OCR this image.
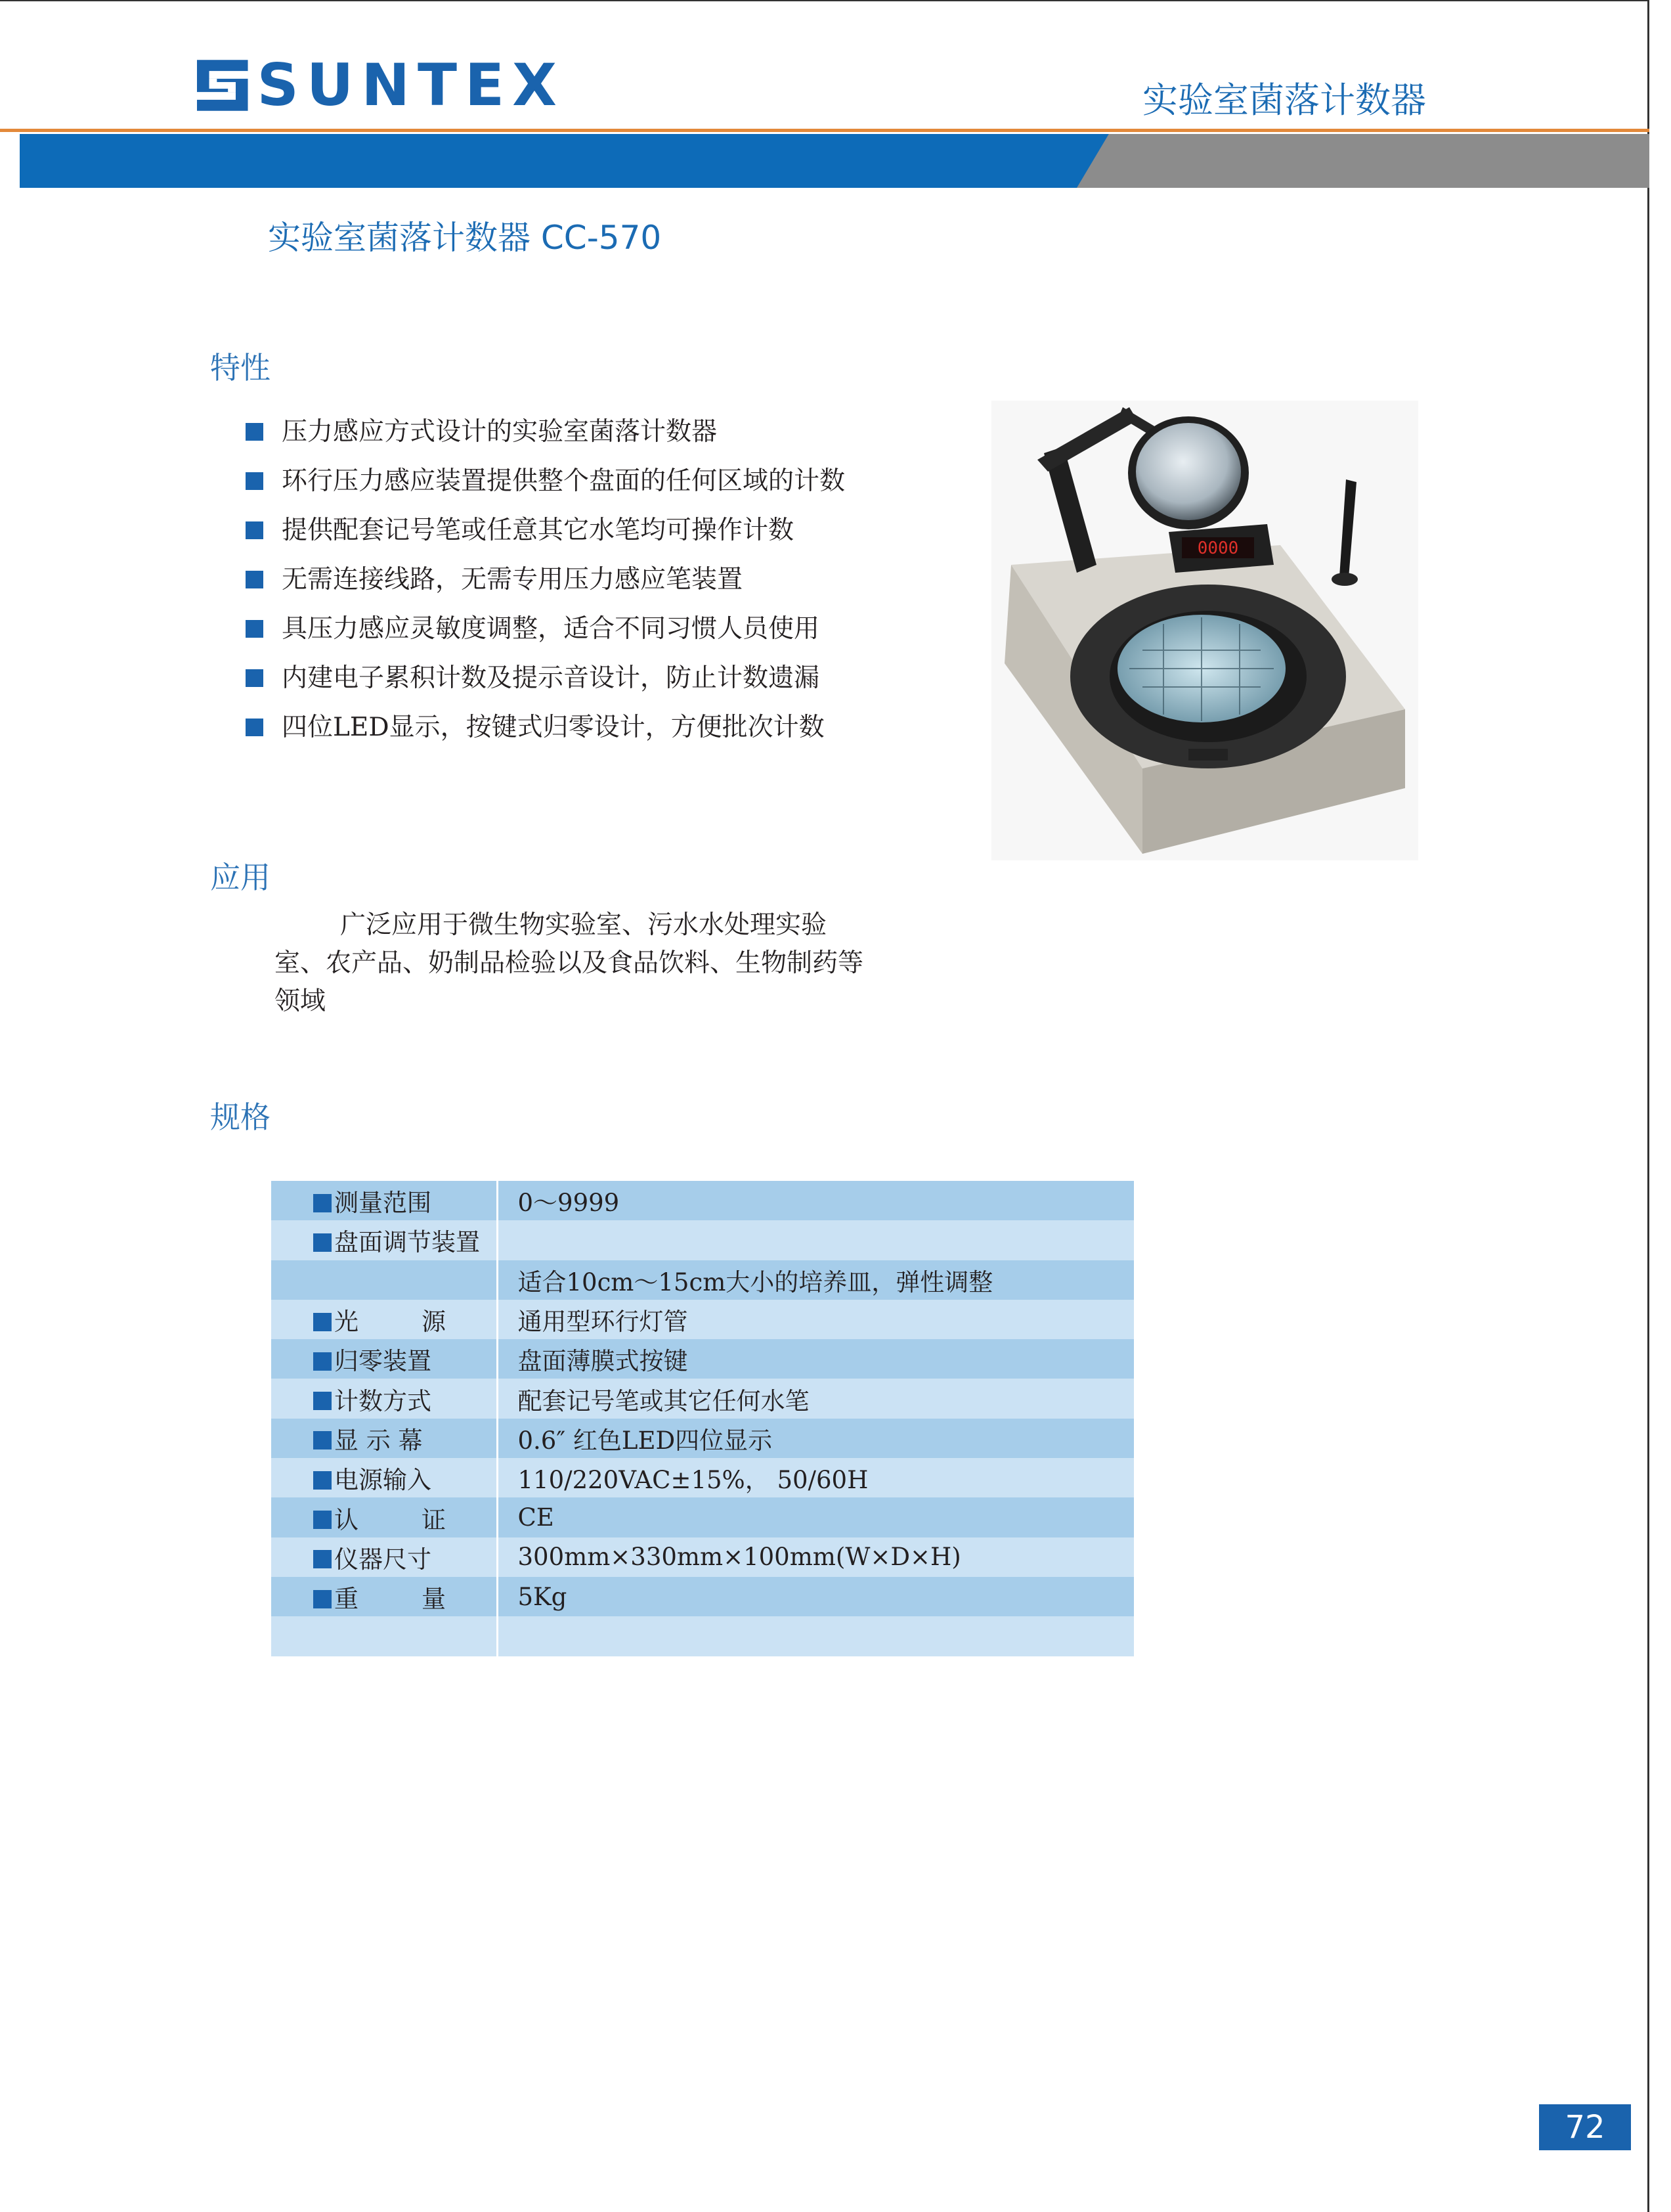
SUNTEX	实验室菌落计数器
实验室菌落计数器 CC-570
特性
压力感应方式设计的实验室菌落计数器
环行压力感应装置提供整个盘面的任何区域的计数
提供配套记号笔或任意其它水笔均可操作计数
无需连接线路，无需专用压力感应笔装置
具压力感应灵敏度调整，适合不同习惯人员使用
内建电子累积计数及提示音设计，防止计数遗漏
四位LED显示，按键式归零设计，方便批次计数
0000
应用

广泛应用于微生物实验室、污水水处理实验室、农产品、奶制品检验以及食品饮料、生物制药等领域

规格
测量范围	0～9999
盘面调节装置	
	适合10cm～15cm大小的培养皿，弹性调整

光 源	通用型环行灯管
归零装置	盘面薄膜式按键
计数方式	配套记号笔或其它任何水笔
显 示 幕	0.6″ 红色LED四位显示
电源输入	110/220VAC±15%， 50/60H

认 证	CE
仪器尺寸	300mm×330mm×100mm(W×D×H)

重 量	5Kg

72
